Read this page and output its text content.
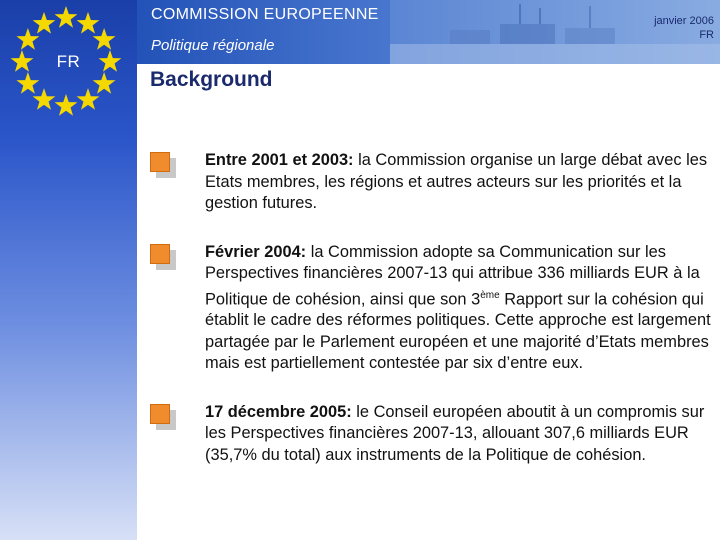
FR
COMMISSION EUROPEENNE
Politique régionale
janvier 2006
FR
Background
Entre 2001 et 2003: la Commission organise un large débat avec les Etats membres, les régions et autres acteurs sur les priorités et la gestion futures.
Février 2004: la Commission adopte sa Communication sur les Perspectives financières 2007-13 qui attribue 336 milliards EUR à la Politique de cohésion, ainsi que son 3ème Rapport sur la cohésion qui établit le cadre des réformes politiques. Cette approche est largement partagée par le Parlement européen et une majorité d’Etats membres mais est partiellement contestée par six d’entre eux.
17 décembre 2005: le Conseil européen aboutit à un compromis sur les Perspectives financières 2007-13, allouant 307,6 milliards EUR (35,7% du total) aux instruments de la Politique de cohésion.
